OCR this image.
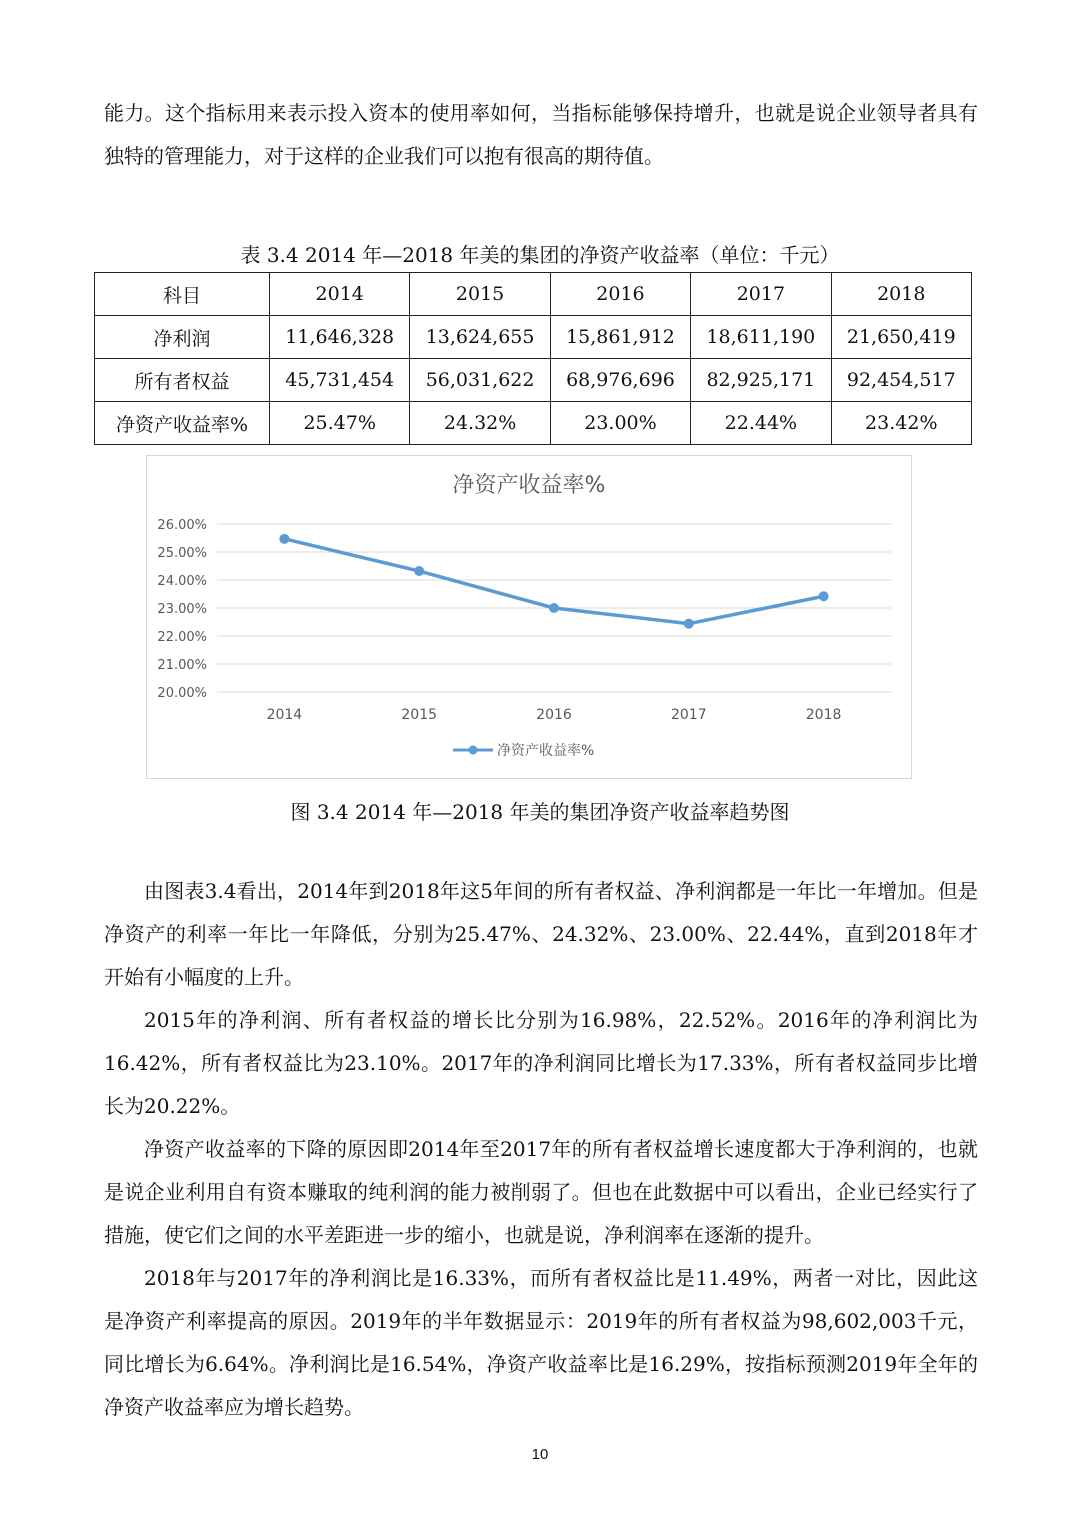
能力。这个指标用来表示投入资本的使用率如何，当指标能够保持增升，也就是说企业领导者具有独特的管理能力，对于这样的企业我们可以抱有很高的期待值。

表 3.4 2014 年—2018 年美的集团的净资产收益率（单位：千元）

科目	2014	2015	2016	2017	2018
净利润	11,646,328	13,624,655	15,861,912	18,611,190	21,650,419
所有者权益	45,731,454	56,031,622	68,976,696	82,925,171	92,454,517
净资产收益率%	25.47%	24.32%	23.00%	22.44%	23.42%
净资产收益率%
20.00%
21.00%
22.00%
23.00%
24.00%
25.00%
26.00%
2014	2015	2016	2017	2018
净资产收益率%

图 3.4 2014 年—2018 年美的集团净资产收益率趋势图

由图表3.4看出，2014年到2018年这5年间的所有者权益、净利润都是一年比一年增加。但是净资产的利率一年比一年降低，分别为25.47%、24.32%、23.00%、22.44%，直到2018年才开始有小幅度的上升。

2015年的净利润、所有者权益的增长比分别为16.98%，22.52%。2016年的净利润比为16.42%，所有者权益比为23.10%。2017年的净利润同比增长为17.33%，所有者权益同步比增长为20.22%。

净资产收益率的下降的原因即2014年至2017年的所有者权益增长速度都大于净利润的，也就是说企业利用自有资本赚取的纯利润的能力被削弱了。但也在此数据中可以看出，企业已经实行了措施，使它们之间的水平差距进一步的缩小，也就是说，净利润率在逐渐的提升。

2018年与2017年的净利润比是16.33%，而所有者权益比是11.49%，两者一对比，因此这是净资产利率提高的原因。2019年的半年数据显示：2019年的所有者权益为98,602,003千元，同比增长为6.64%。净利润比是16.54%，净资产收益率比是16.29%，按指标预测2019年全年的净资产收益率应为增长趋势。

10
